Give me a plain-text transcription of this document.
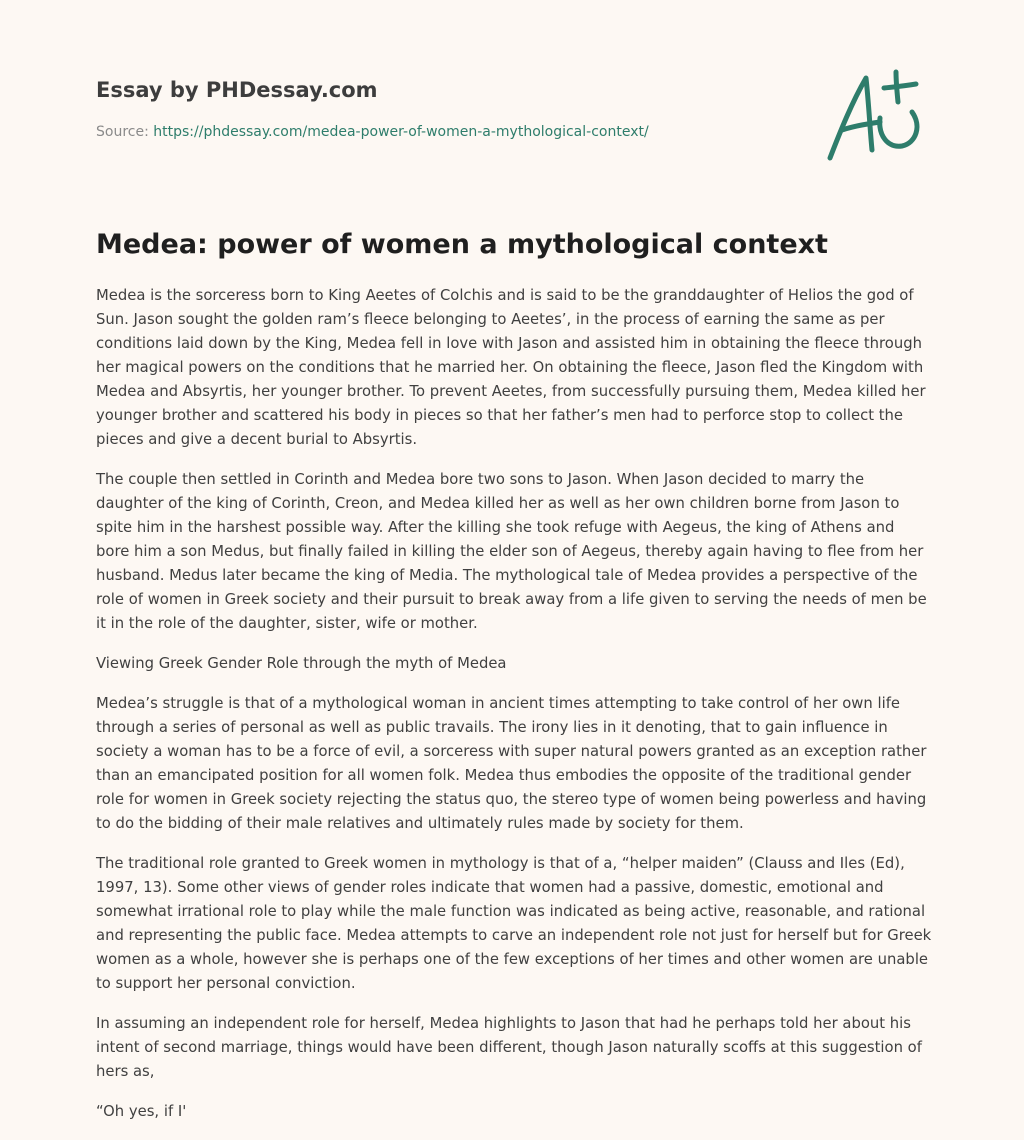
Essay by PHDessay.com
Source: https://phdessay.com/medea-power-of-women-a-mythological-context/
Medea: power of women a mythological context

Medea is the sorceress born to King Aeetes of Colchis and is said to be the granddaughter of Helios the god of Sun. Jason sought the golden ram’s fleece belonging to Aeetes’, in the process of earning the same as per conditions laid down by the King, Medea fell in love with Jason and assisted him in obtaining the fleece through her magical powers on the conditions that he married her. On obtaining the fleece, Jason fled the Kingdom with Medea and Absyrtis, her younger brother. To prevent Aeetes, from successfully pursuing them, Medea killed her younger brother and scattered his body in pieces so that her father’s men had to perforce stop to collect the pieces and give a decent burial to Absyrtis.

The couple then settled in Corinth and Medea bore two sons to Jason. When Jason decided to marry the daughter of the king of Corinth, Creon, and Medea killed her as well as her own children borne from Jason to spite him in the harshest possible way. After the killing she took refuge with Aegeus, the king of Athens and bore him a son Medus, but finally failed in killing the elder son of Aegeus, thereby again having to flee from her husband. Medus later became the king of Media. The mythological tale of Medea provides a perspective of the role of women in Greek society and their pursuit to break away from a life given to serving the needs of men be it in the role of the daughter, sister, wife or mother.

Viewing Greek Gender Role through the myth of Medea

Medea’s struggle is that of a mythological woman in ancient times attempting to take control of her own life through a series of personal as well as public travails. The irony lies in it denoting, that to gain influence in society a woman has to be a force of evil, a sorceress with super natural powers granted as an exception rather than an emancipated position for all women folk. Medea thus embodies the opposite of the traditional gender role for women in Greek society rejecting the status quo, the stereo type of women being powerless and having to do the bidding of their male relatives and ultimately rules made by society for them.

The traditional role granted to Greek women in mythology is that of a, “helper maiden” (Clauss and Iles (Ed), 1997, 13). Some other views of gender roles indicate that women had a passive, domestic, emotional and somewhat irrational role to play while the male function was indicated as being active, reasonable, and rational and representing the public face. Medea attempts to carve an independent role not just for herself but for Greek women as a whole, however she is perhaps one of the few exceptions of her times and other women are unable to support her personal conviction.

In assuming an independent role for herself, Medea highlights to Jason that had he perhaps told her about his intent of second marriage, things would have been different, though Jason naturally scoffs at this suggestion of hers as,

“Oh yes, if I'
